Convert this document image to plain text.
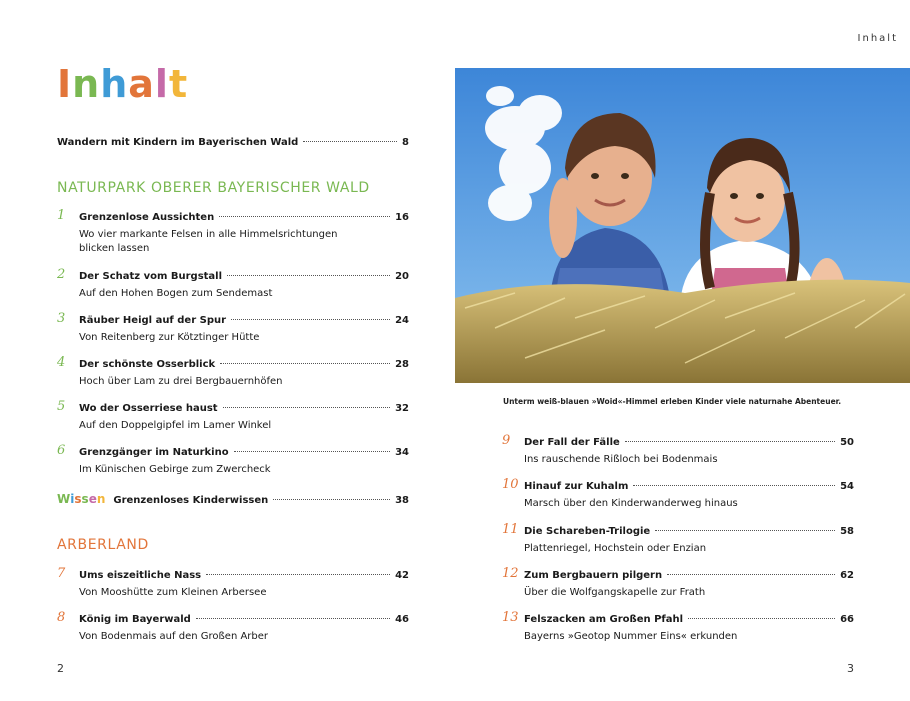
Inhalt
Inhalt
Wandern mit Kindern im Bayerischen Wald	8
NATURPARK OBERER BAYERISCHER WALD
1 Grenzenlose Aussichten	16
Wo vier markante Felsen in alle Himmelsrichtungen blicken lassen
2 Der Schatz vom Burgstall	20
Auf den Hohen Bogen zum Sendemast
3 Räuber Heigl auf der Spur	24
Von Reitenberg zur Kötztinger Hütte
4 Der schönste Osserblick	28
Hoch über Lam zu drei Bergbauernhöfen
5 Wo der Osserriese haust	32
Auf den Doppelgipfel im Lamer Winkel
6 Grenzgänger im Naturkino	34
Im Künischen Gebirge zum Zwercheck
Wissen Grenzenloses Kinderwissen	38
ARBERLAND
7 Ums eiszeitliche Nass	42
Von Mooshütte zum Kleinen Arbersee
8 König im Bayerwald	46
Von Bodenmais auf den Großen Arber
Unterm weiß-blauen »Woid«-Himmel erleben Kinder viele naturnahe Abenteuer.
9 Der Fall der Fälle	50
Ins rauschende Rißloch bei Bodenmais
10 Hinauf zur Kuhalm	54
Marsch über den Kinderwanderweg hinaus
11 Die Schareben-Trilogie	58
Plattenriegel, Hochstein oder Enzian
12 Zum Bergbauern pilgern	62
Über die Wolfgangskapelle zur Frath
13 Felszacken am Großen Pfahl	66
Bayerns »Geotop Nummer Eins« erkunden
2	3
